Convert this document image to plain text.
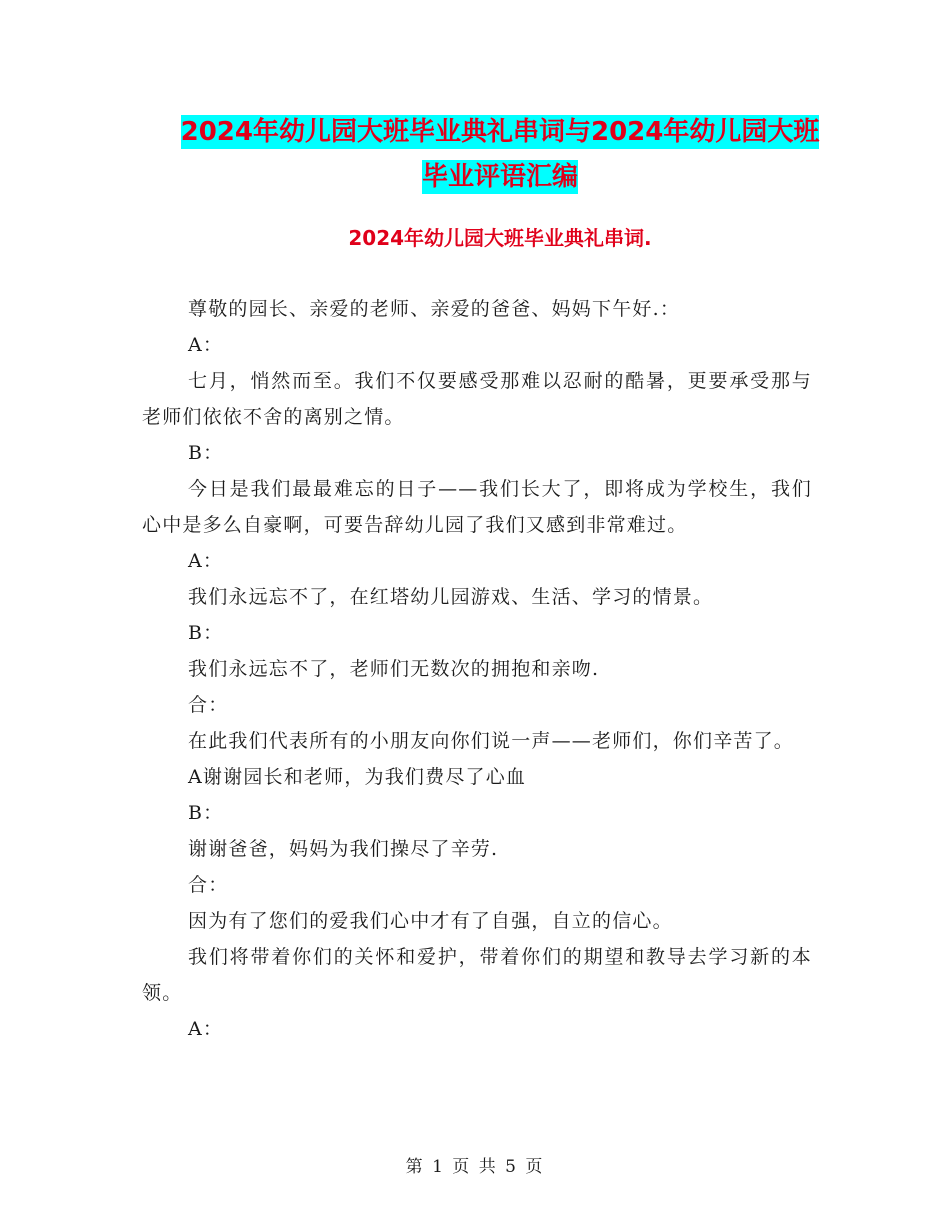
2024年幼儿园大班毕业典礼串词与2024年幼儿园大班
毕业评语汇编
2024年幼儿园大班毕业典礼串词.

尊敬的园长、亲爱的老师、亲爱的爸爸、妈妈下午好.：

A：

七月，悄然而至。我们不仅要感受那难以忍耐的酷暑，更要承受那与老师们依依不舍的离别之情。

B：

今日是我们最最难忘的日子——我们长大了，即将成为学校生，我们心中是多么自豪啊，可要告辞幼儿园了我们又感到非常难过。

A：

我们永远忘不了，在红塔幼儿园游戏、生活、学习的情景。

B：

我们永远忘不了，老师们无数次的拥抱和亲吻.

合：

在此我们代表所有的小朋友向你们说一声——老师们，你们辛苦了。

A谢谢园长和老师，为我们费尽了心血

B：

谢谢爸爸，妈妈为我们操尽了辛劳.

合：

因为有了您们的爱我们心中才有了自强，自立的信心。

我们将带着你们的关怀和爱护，带着你们的期望和教导去学习新的本领。

A：

第 1 页 共 5 页
